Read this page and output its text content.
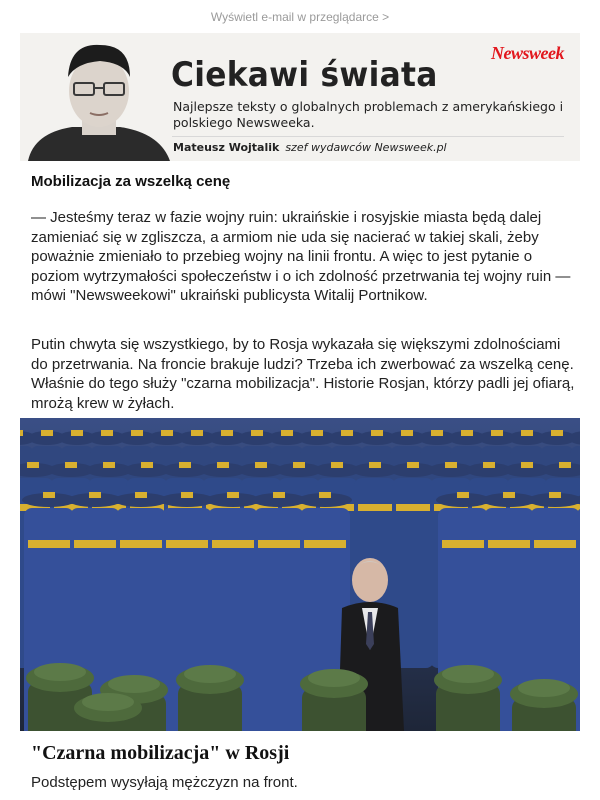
Wyświetl e-mail w przeglądarce >
Newsweek
Ciekawi świata
Najlepsze teksty o globalnych problemach z amerykańskiego i polskiego Newsweeka.
Mateusz Wojtalik szef wydawców Newsweek.pl
Mobilizacja za wszelką cenę

— Jesteśmy teraz w fazie wojny ruin: ukraińskie i rosyjskie miasta będą dalej zamieniać się w zgliszcza, a armiom nie uda się nacierać w takiej skali, żeby poważnie zmieniało to przebieg wojny na linii frontu. A więc to jest pytanie o poziom wytrzymałości społeczeństw i o ich zdolność przetrwania tej wojny ruin — mówi "Newsweekowi" ukraiński publicysta Witalij Portnikow.

Putin chwyta się wszystkiego, by to Rosja wykazała się większymi zdolnościami do przetrwania. Na froncie brakuje ludzi? Trzeba ich zwerbować za wszelką cenę. Właśnie do tego służy "czarna mobilizacja". Historie Rosjan, którzy padli jej ofiarą, mrożą krew w żyłach.

"Czarna mobilizacja" w Rosji
Podstępem wysyłają mężczyzn na front.
